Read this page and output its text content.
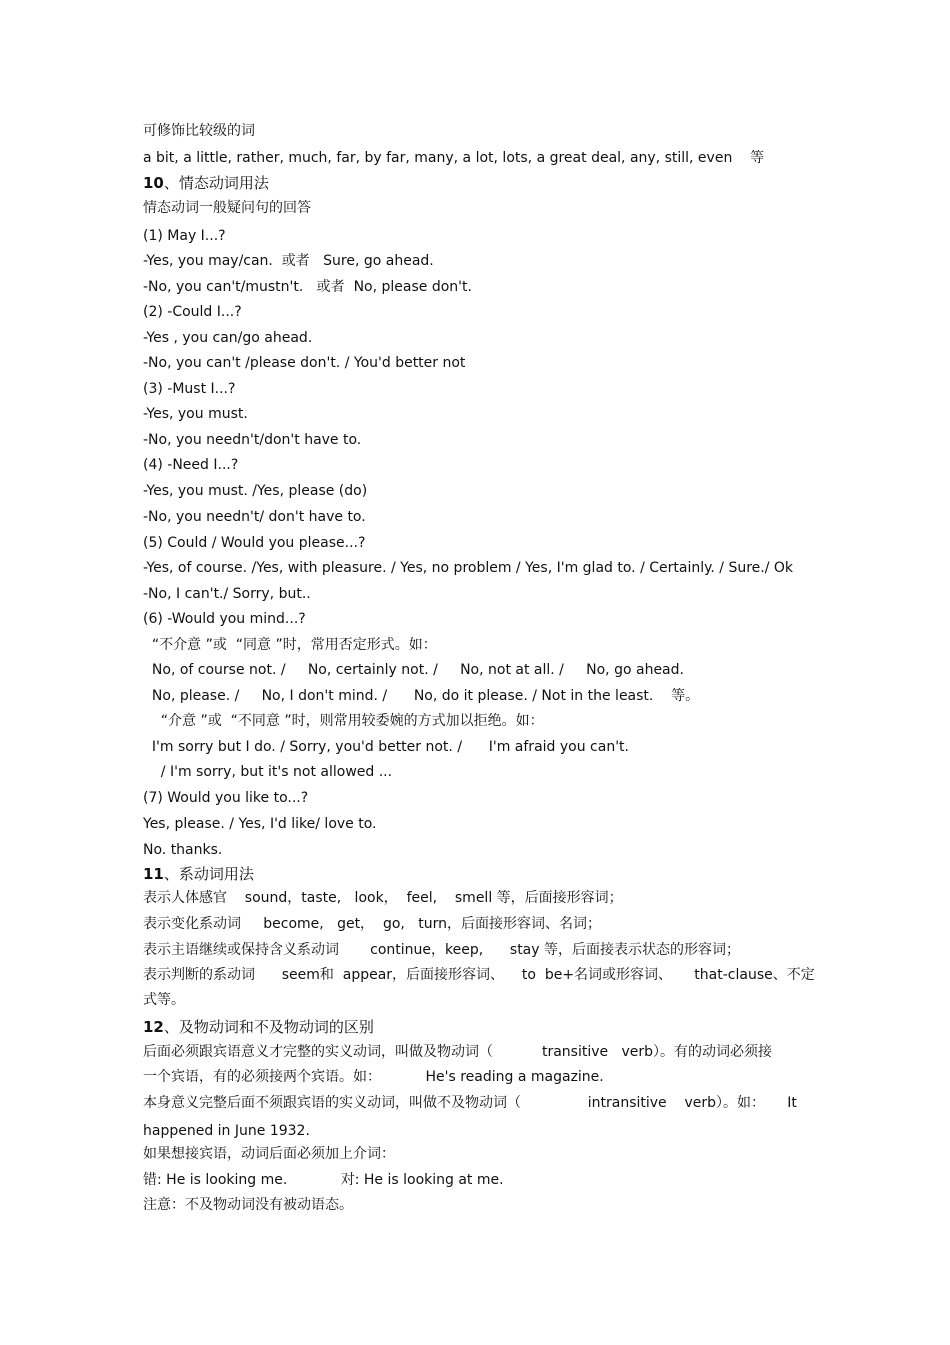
可修饰比较级的词
a bit, a little, rather, much, far, by far, many, a lot, lots, a great deal, any, still, even    等
10、情态动词用法
情态动词一般疑问句的回答
(1) May I...?
-Yes, you may/can.  或者   Sure, go ahead.
-No, you can't/mustn't.   或者  No, please don't.
(2) -Could I...?
-Yes , you can/go ahead.
-No, you can't /please don't. / You'd better not
(3) -Must I...?
-Yes, you must.
-No, you needn't/don't have to.
(4) -Need I...?
-Yes, you must. /Yes, please (do)
-No, you needn't/ don't have to.
(5) Could / Would you please...?
-Yes, of course. /Yes, with pleasure. / Yes, no problem / Yes, I'm glad to. / Certainly. / Sure./ Ok
-No, I can't./ Sorry, but..
(6) -Would you mind...?
“不介意 ”或  “同意 ”时，常用否定形式。如：
No, of course not. /     No, certainly not. /     No, not at all. /     No, go ahead.
No, please. /     No, I don't mind. /      No, do it please. / Not in the least.    等。
“介意 ”或  “不同意 ”时，则常用较委婉的方式加以拒绝。如：
I'm sorry but I do. / Sorry, you'd better not. /      I'm afraid you can't.
/ I'm sorry, but it's not allowed ...
(7) Would you like to...?
Yes, please. / Yes, I'd like/ love to.
No. thanks.
11、系动词用法
表示人体感官    sound，taste,   look，  feel,    smell 等，后面接形容词；
表示变化系动词     become,   get，  go,   turn，后面接形容词、名词；
表示主语继续或保持含义系动词       continue，keep,      stay 等，后面接表示状态的形容词；
表示判断的系动词      seem和  appear，后面接形容词、    to  be+名词或形容词、     that-clause、不定
式等。
12、及物动词和不及物动词的区别
后面必须跟宾语意义才完整的实义动词，叫做及物动词（           transitive   verb）。有的动词必须接
一个宾语，有的必须接两个宾语。如：          He's reading a magazine.
本身意义完整后面不须跟宾语的实义动词，叫做不及物动词（               intransitive    verb）。如：     It
happened in June 1932.
如果想接宾语，动词后面必须加上介词：
错: He is looking me.            对: He is looking at me.
注意：不及物动词没有被动语态。
